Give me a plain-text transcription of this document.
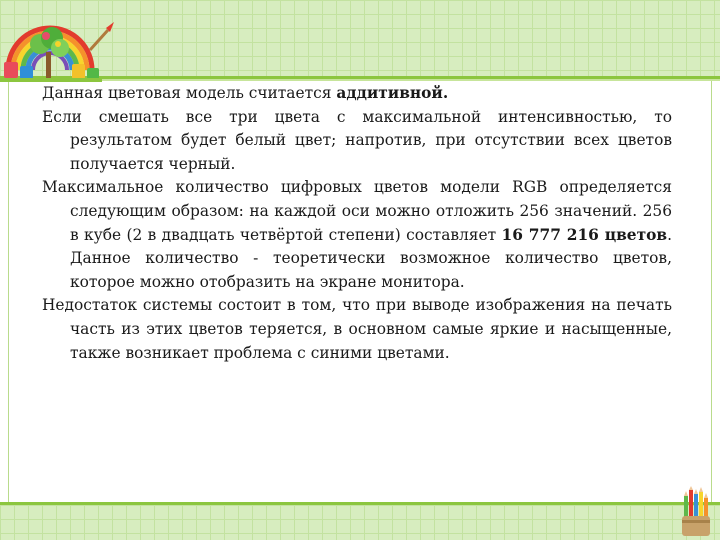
Данная цветовая модель считается аддитивной.

Если смешать все три цвета с максимальной интенсивностью, то результатом будет белый цвет; напротив, при отсутствии всех цветов получается черный.

Максимальное количество цифровых цветов модели RGB определяется следующим образом: на каждой оси можно отложить 256 значений. 256 в кубе (2 в двадцать четвёртой степени) составляет 16 777 216 цветов. Данное количество - теоретически возможное количество цветов, которое можно отобразить на экране монитора.

Недостаток системы состоит в том, что при выводе изображения на печать часть из этих цветов теряется, в основном самые яркие и насыщенные, также возникает проблема с синими цветами.
